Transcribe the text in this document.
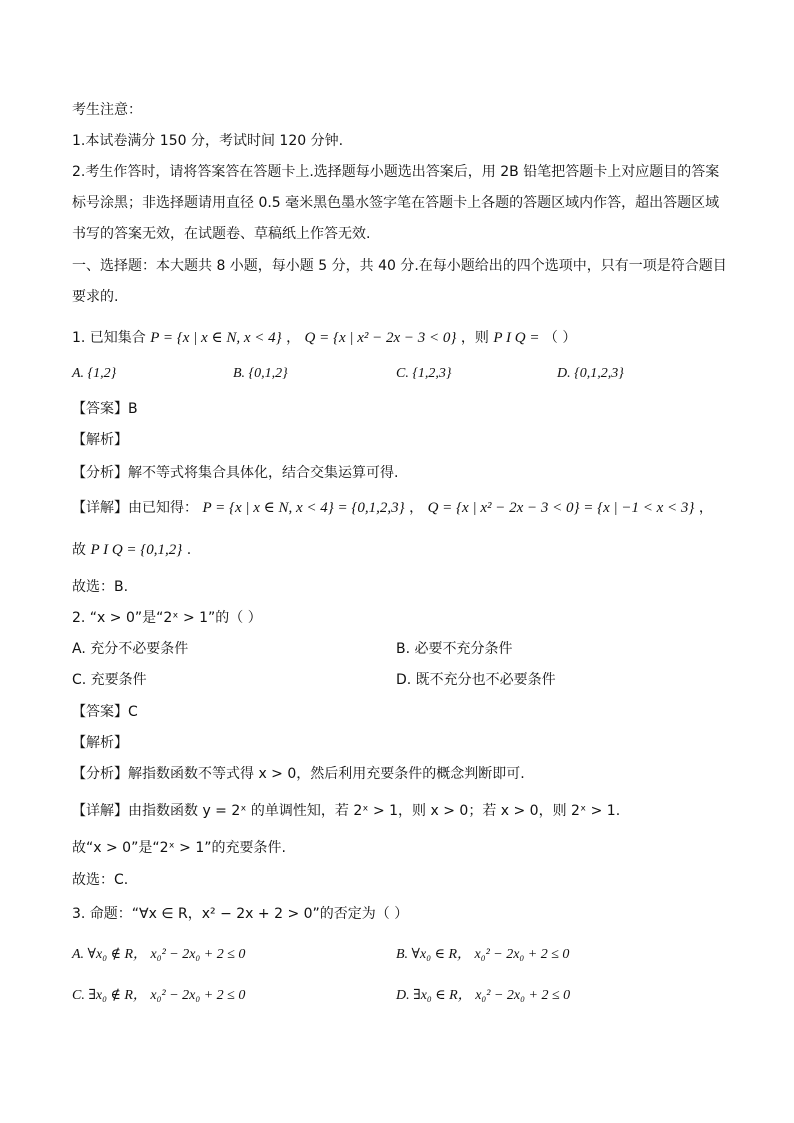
考生注意：
1.本试卷满分 150 分，考试时间 120 分钟.
2.考生作答时，请将答案答在答题卡上.选择题每小题选出答案后，用 2B 铅笔把答题卡上对应题目的答案
标号涂黑；非选择题请用直径 0.5 毫米黑色墨水签字笔在答题卡上各题的答题区域内作答，超出答题区域
书写的答案无效，在试题卷、草稿纸上作答无效.
一、选择题：本大题共 8 小题，每小题 5 分，共 40 分.在每小题给出的四个选项中，只有一项是符合题目
要求的.
1. 已知集合 P = {x | x ∈ N, x < 4} ， Q = {x | x² − 2x − 3 < 0} ，则 P I Q = （ ）
A. {1,2}	B. {0,1,2}	C. {1,2,3}	D. {0,1,2,3}
【答案】B
【解析】
【分析】解不等式将集合具体化，结合交集运算可得.
【详解】由已知得： P = {x | x ∈ N, x < 4} = {0,1,2,3} ， Q = {x | x² − 2x − 3 < 0} = {x | −1 < x < 3} ，
故 P I Q = {0,1,2} .
故选：B.
2. “x > 0”是“2ˣ > 1”的（ ）
A. 充分不必要条件	B. 必要不充分条件
C. 充要条件	D. 既不充分也不必要条件
【答案】C
【解析】
【分析】解指数函数不等式得 x > 0，然后利用充要条件的概念判断即可.
【详解】由指数函数 y = 2ˣ 的单调性知，若 2ˣ > 1，则 x > 0；若 x > 0，则 2ˣ > 1.
故“x > 0”是“2ˣ > 1”的充要条件.
故选：C.
3. 命题：“∀x ∈ R，x² − 2x + 2 > 0”的否定为（ ）
A. ∀x₀ ∉ R， x₀² − 2x₀ + 2 ≤ 0	B. ∀x₀ ∈ R， x₀² − 2x₀ + 2 ≤ 0
C. ∃x₀ ∉ R， x₀² − 2x₀ + 2 ≤ 0	D. ∃x₀ ∈ R， x₀² − 2x₀ + 2 ≤ 0
